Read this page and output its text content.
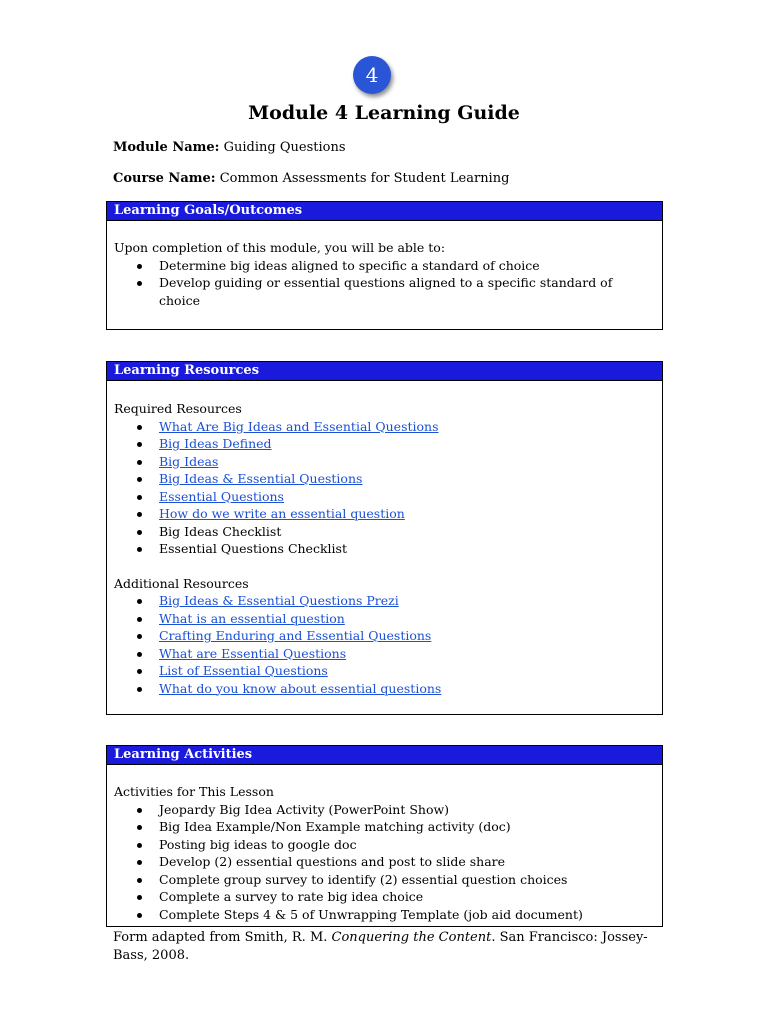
4
Module 4 Learning Guide
Module Name: Guiding Questions
Course Name: Common Assessments for Student Learning
Learning Goals/Outcomes
Upon completion of this module, you will be able to:
Determine big ideas aligned to specific a standard of choice
Develop guiding or essential questions aligned to a specific standard of choice
Learning Resources
Required Resources
What Are Big Ideas and Essential Questions
Big Ideas Defined
Big Ideas
Big Ideas & Essential Questions
Essential Questions
How do we write an essential question
Big Ideas Checklist
Essential Questions Checklist
Additional Resources
Big Ideas & Essential Questions Prezi
What is an essential question
Crafting Enduring and Essential Questions
What are Essential Questions
List of Essential Questions
What do you know about essential questions
Learning Activities
Activities for This Lesson
Jeopardy Big Idea Activity (PowerPoint Show)
Big Idea Example/Non Example matching activity (doc)
Posting big ideas to google doc
Develop (2) essential questions and post to slide share
Complete group survey to identify (2) essential question choices
Complete a survey to rate big idea choice
Complete Steps 4 & 5 of Unwrapping Template (job aid document)
Form adapted from Smith, R. M. Conquering the Content. San Francisco: Jossey-Bass, 2008.
